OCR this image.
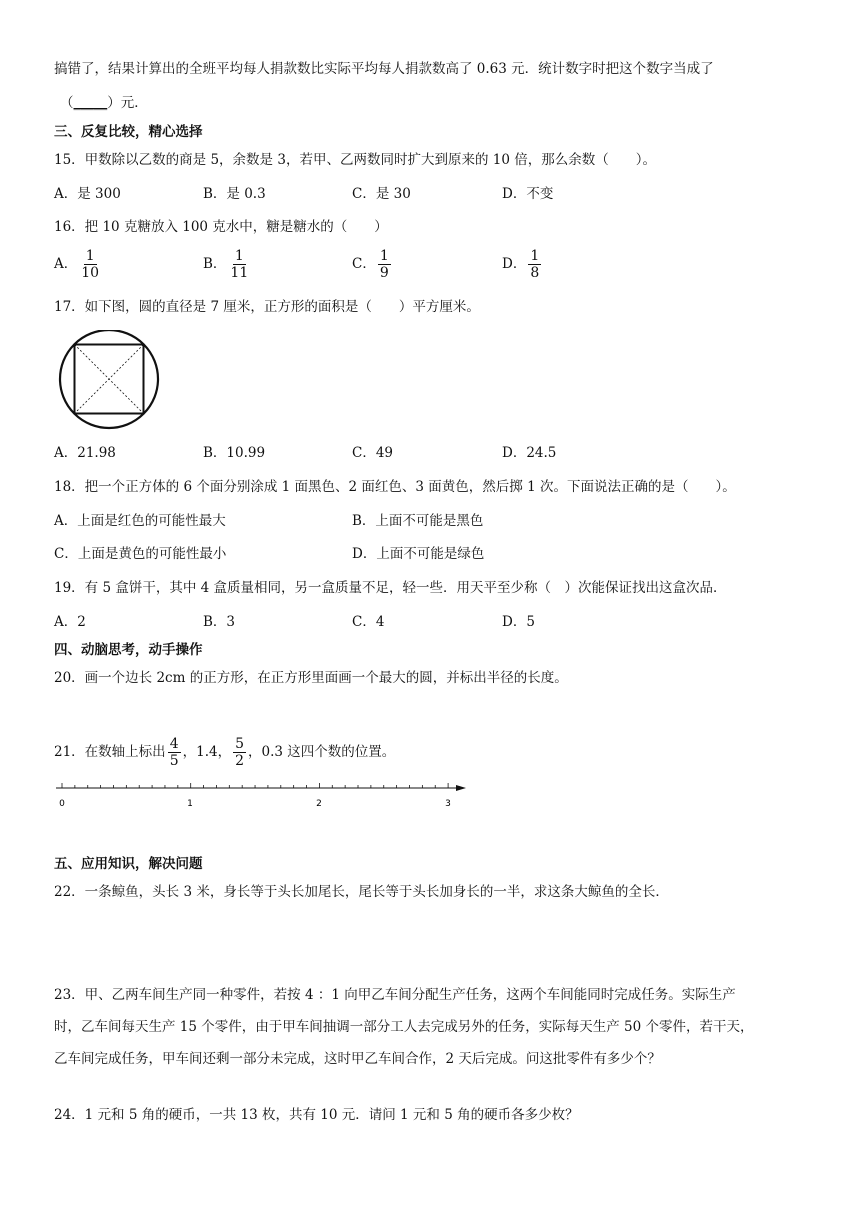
搞错了，结果计算出的全班平均每人捐款数比实际平均每人捐款数高了 0.63 元．统计数字时把这个数字当成了
（_____）元．
三、反复比较，精心选择
15．甲数除以乙数的商是 5，余数是 3，若甲、乙两数同时扩大到原来的 10 倍，那么余数（　　）。
A．是 300	B．是 0.3	C．是 30	D．不变
16．把 10 克糖放入 100 克水中，糖是糖水的（　　）
A． $\frac{1}{10}$	B． $\frac{1}{11}$	C． $\frac{1}{9}$	D． $\frac{1}{8}$
17．如下图，圆的直径是 7 厘米，正方形的面积是（　　）平方厘米。
A．21.98	B．10.99	C．49	D．24.5
18．把一个正方体的 6 个面分别涂成 1 面黑色、2 面红色、3 面黄色，然后掷 1 次。下面说法正确的是（　　）。
A．上面是红色的可能性最大	B．上面不可能是黑色
C．上面是黄色的可能性最小	D．上面不可能是绿色
19．有 5 盒饼干，其中 4 盒质量相同，另一盒质量不足，轻一些．用天平至少称（　）次能保证找出这盒次品．
A．2	B．3	C．4	D．5
四、动脑思考，动手操作
20．画一个边长 2cm 的正方形，在正方形里面画一个最大的圆，并标出半径的长度。
21．在数轴上标出 $\frac{4}{5}$ ，1.4， $\frac{5}{2}$ ，0.3 这四个数的位置。
0	1	2	3
五、应用知识，解决问题
22．一条鲸鱼，头长 3 米，身长等于头长加尾长，尾长等于头长加身长的一半，求这条大鲸鱼的全长．
23．甲、乙两车间生产同一种零件，若按 4 ：1 向甲乙车间分配生产任务，这两个车间能同时完成任务。实际生产
时，乙车间每天生产 15 个零件，由于甲车间抽调一部分工人去完成另外的任务，实际每天生产 50 个零件，若干天，
乙车间完成任务，甲车间还剩一部分未完成，这时甲乙车间合作，2 天后完成。问这批零件有多少个？
24．1 元和 5 角的硬币，一共 13 枚，共有 10 元．请问 1 元和 5 角的硬币各多少枚？
